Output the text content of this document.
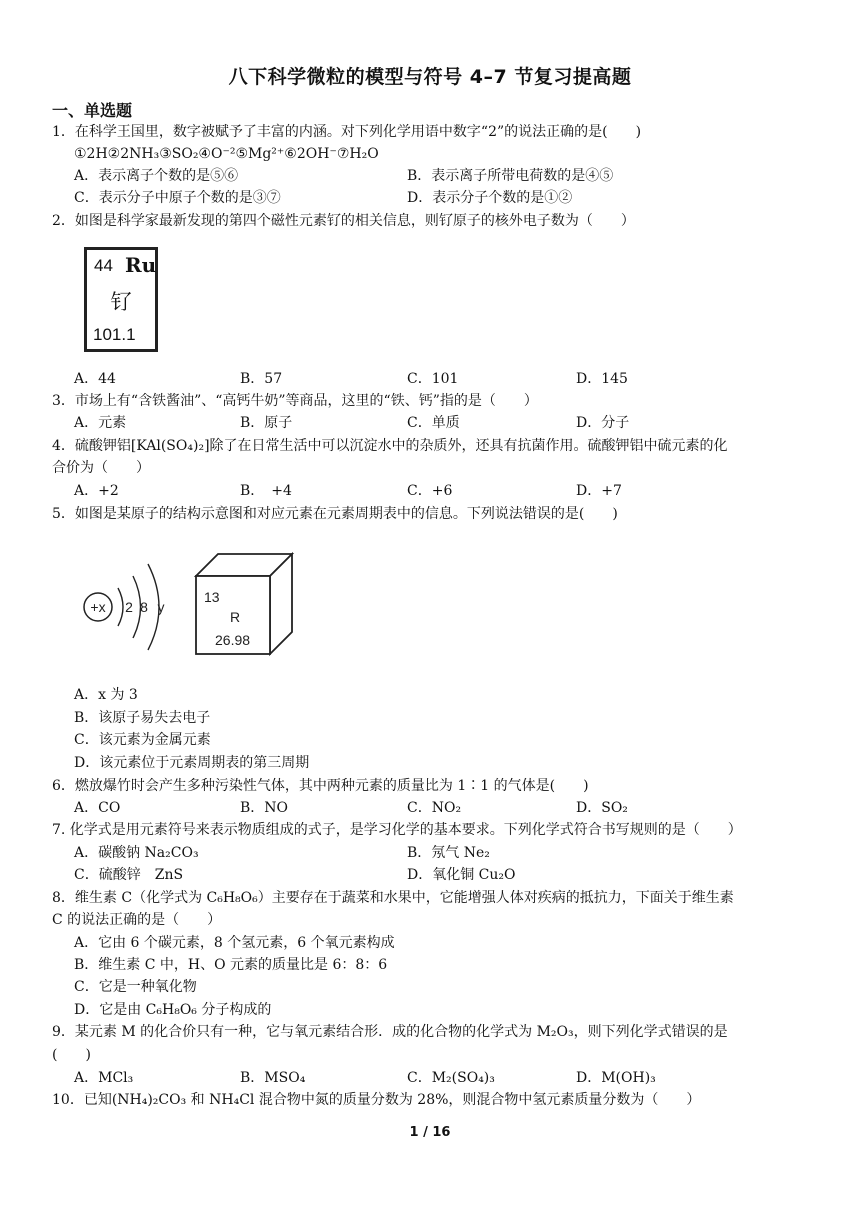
八下科学微粒的模型与符号 4–7 节复习提高题
一、单选题
1．在科学王国里，数字被赋予了丰富的内涵。对下列化学用语中数字“2”的说法正确的是(　　)
①2H②2NH₃③SO₂④O⁻²⑤Mg²⁺⑥2OH⁻⑦H₂O
A．表示离子个数的是⑤⑥	B．表示离子所带电荷数的是④⑤
C．表示分子中原子个数的是③⑦	D．表示分子个数的是①②
2．如图是科学家最新发现的第四个磁性元素钌的相关信息，则钌原子的核外电子数为（　　）
44 Ru
钌
101.1
A．44	B．57	C．101	D．145
3．市场上有“含铁酱油”、“高钙牛奶”等商品，这里的“铁、钙”指的是（　　）
A．元素	B．原子	C．单质	D．分子
4．硫酸钾铝[KAl(SO₄)₂]除了在日常生活中可以沉淀水中的杂质外，还具有抗菌作用。硫酸钾铝中硫元素的化
合价为（　　）
A．+2	B．　+4	C．+6	D．+7
5．如图是某原子的结构示意图和对应元素在元素周期表中的信息。下列说法错误的是(　　)
+x 2 8 y
13
R
26.98
A．x 为 3
B．该原子易失去电子
C．该元素为金属元素
D．该元素位于元素周期表的第三周期
6．燃放爆竹时会产生多种污染性气体，其中两种元素的质量比为 1∶1 的气体是(　　)
A．CO	B．NO	C．NO₂	D．SO₂
7. 化学式是用元素符号来表示物质组成的式子，是学习化学的基本要求。下列化学式符合书写规则的是（　　）
A．碳酸钠 Na₂CO₃	B．氖气 Ne₂
C．硫酸锌　ZnS	D．氧化铜 Cu₂O
8．维生素 C（化学式为 C₆H₈O₆）主要存在于蔬菜和水果中，它能增强人体对疾病的抵抗力，下面关于维生素
C 的说法正确的是（　　）
A．它由 6 个碳元素，8 个氢元素，6 个氧元素构成
B．维生素 C 中，H、O 元素的质量比是 6：8：6
C．它是一种氧化物
D．它是由 C₆H₈O₆ 分子构成的
9．某元素 M 的化合价只有一种，它与氧元素结合形．成的化合物的化学式为 M₂O₃，则下列化学式错误的是
(　　)
A．MCl₃	B．MSO₄	C．M₂(SO₄)₃	D．M(OH)₃
10．已知(NH₄)₂CO₃ 和 NH₄Cl 混合物中氮的质量分数为 28%，则混合物中氢元素质量分数为（　　）
1 / 16
